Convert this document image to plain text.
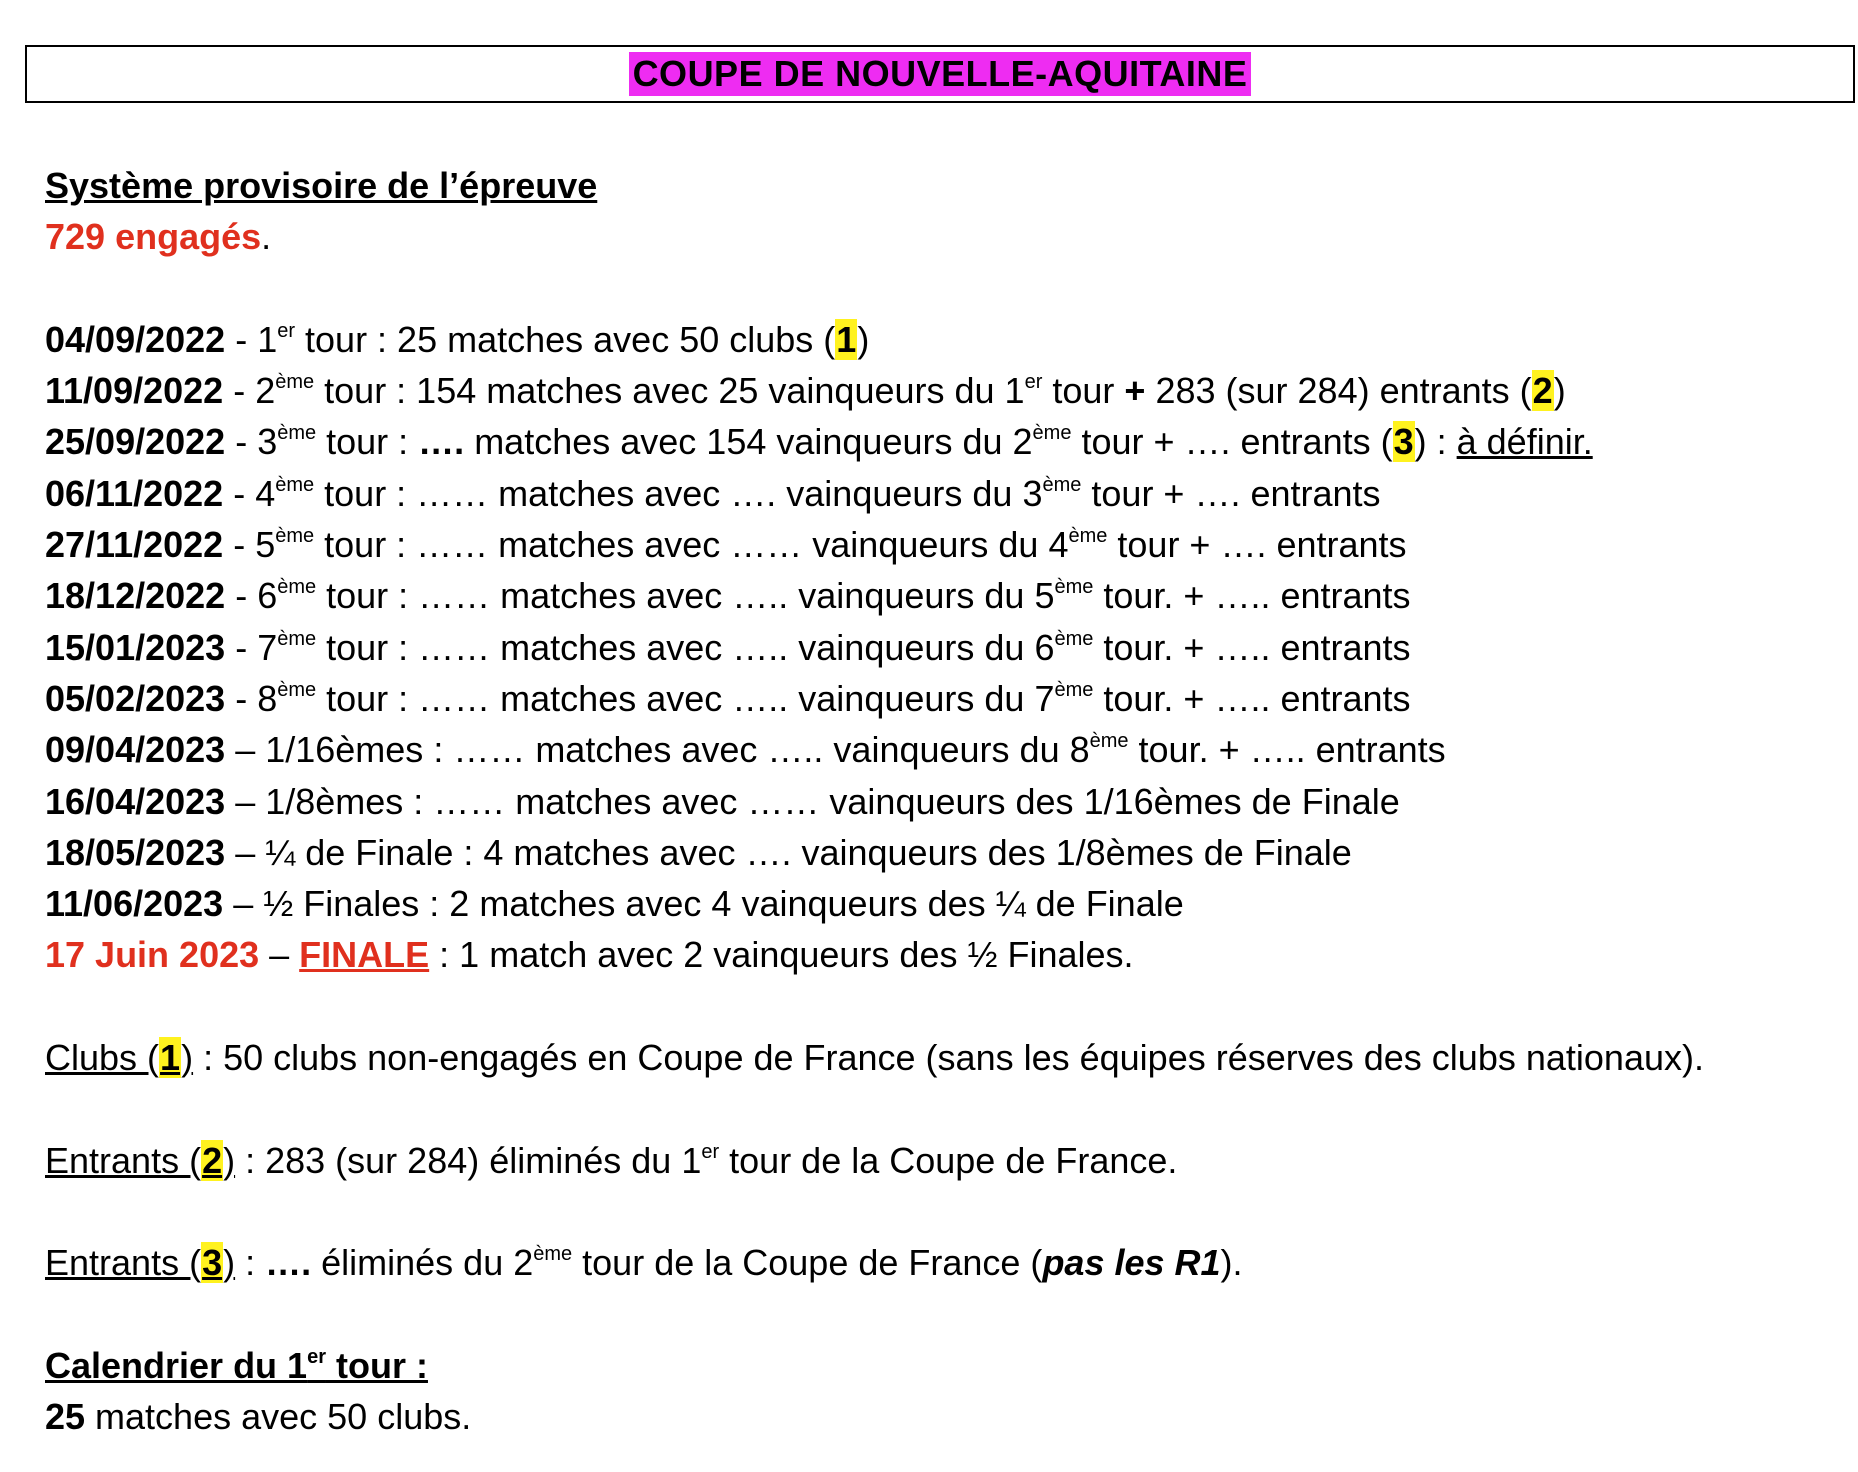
COUPE DE NOUVELLE-AQUITAINE
Système provisoire de l’épreuve
729 engagés.
04/09/2022 - 1er tour : 25 matches avec 50 clubs (1)
11/09/2022 - 2ème tour : 154 matches avec 25 vainqueurs du 1er tour + 283 (sur 284) entrants (2)
25/09/2022 - 3ème tour : …. matches avec 154 vainqueurs du 2ème tour + …. entrants (3) : à définir.
06/11/2022 - 4ème tour : …… matches avec …. vainqueurs du 3ème tour + …. entrants
27/11/2022 - 5ème tour : …… matches avec …… vainqueurs du 4ème tour + …. entrants
18/12/2022 - 6ème tour : …… matches avec ….. vainqueurs du 5ème tour. + ….. entrants
15/01/2023 - 7ème tour : …… matches avec ….. vainqueurs du 6ème tour. + ….. entrants
05/02/2023 - 8ème tour : …… matches avec ….. vainqueurs du 7ème tour. + ….. entrants
09/04/2023 – 1/16èmes : …… matches avec ….. vainqueurs du 8ème tour. + ….. entrants
16/04/2023 – 1/8èmes : …… matches avec …… vainqueurs des 1/16èmes de Finale
18/05/2023 – ¼ de Finale : 4 matches avec …. vainqueurs des 1/8èmes de Finale
11/06/2023 – ½ Finales : 2 matches avec 4 vainqueurs des ¼ de Finale
17 Juin 2023 – FINALE : 1 match avec 2 vainqueurs des ½ Finales.
Clubs (1) : 50 clubs non-engagés en Coupe de France (sans les équipes réserves des clubs nationaux).
Entrants (2) : 283 (sur 284) éliminés du 1er tour de la Coupe de France.
Entrants (3) : …. éliminés du 2ème tour de la Coupe de France (pas les R1).
Calendrier du 1er tour :
25 matches avec 50 clubs.
